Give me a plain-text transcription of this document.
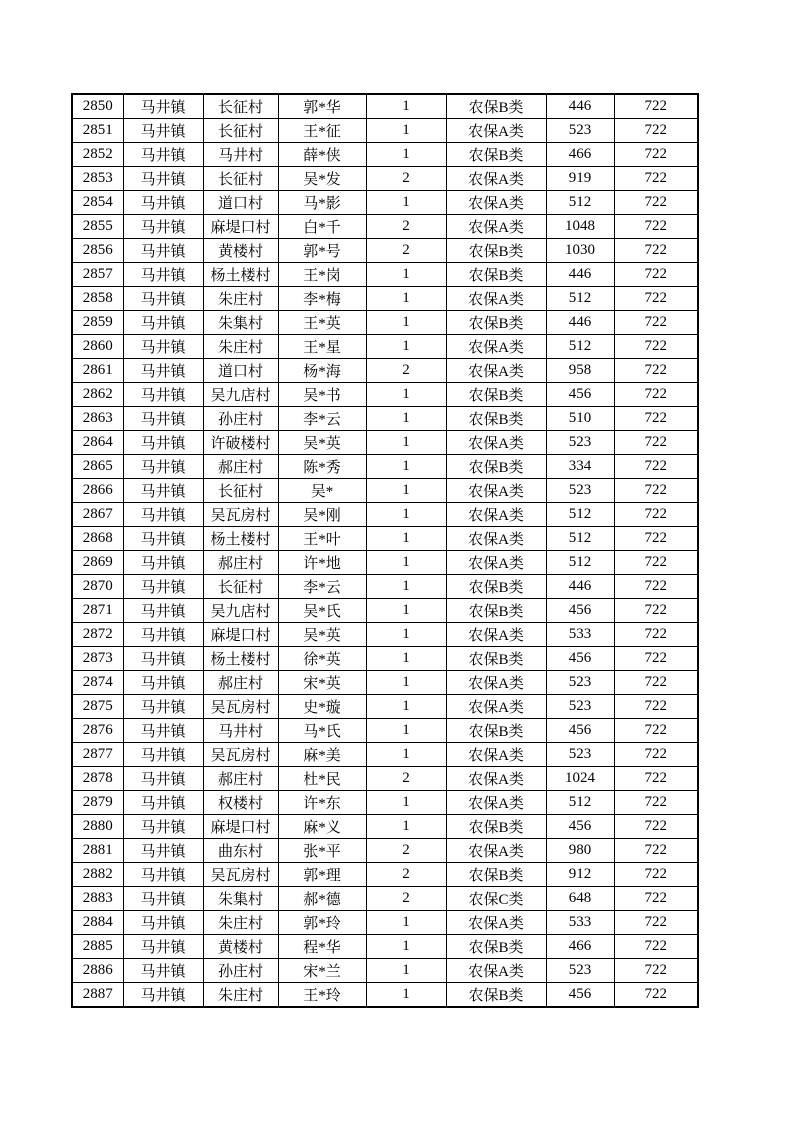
2850	马井镇	长征村	郭*华	1	农保B类	446	722
2851	马井镇	长征村	王*征	1	农保A类	523	722
2852	马井镇	马井村	薛*侠	1	农保B类	466	722
2853	马井镇	长征村	吴*发	2	农保A类	919	722
2854	马井镇	道口村	马*影	1	农保A类	512	722
2855	马井镇	麻堤口村	白*千	2	农保A类	1048	722
2856	马井镇	黄楼村	郭*号	2	农保B类	1030	722
2857	马井镇	杨土楼村	王*岗	1	农保B类	446	722
2858	马井镇	朱庄村	李*梅	1	农保A类	512	722
2859	马井镇	朱集村	王*英	1	农保B类	446	722
2860	马井镇	朱庄村	王*星	1	农保A类	512	722
2861	马井镇	道口村	杨*海	2	农保A类	958	722
2862	马井镇	吴九店村	吴*书	1	农保B类	456	722
2863	马井镇	孙庄村	李*云	1	农保B类	510	722
2864	马井镇	许破楼村	吴*英	1	农保A类	523	722
2865	马井镇	郝庄村	陈*秀	1	农保B类	334	722
2866	马井镇	长征村	吴*	1	农保A类	523	722
2867	马井镇	吴瓦房村	吴*刚	1	农保A类	512	722
2868	马井镇	杨土楼村	王*叶	1	农保A类	512	722
2869	马井镇	郝庄村	许*地	1	农保A类	512	722
2870	马井镇	长征村	李*云	1	农保B类	446	722
2871	马井镇	吴九店村	吴*氏	1	农保B类	456	722
2872	马井镇	麻堤口村	吴*英	1	农保A类	533	722
2873	马井镇	杨土楼村	徐*英	1	农保B类	456	722
2874	马井镇	郝庄村	宋*英	1	农保A类	523	722
2875	马井镇	吴瓦房村	史*璇	1	农保A类	523	722
2876	马井镇	马井村	马*氏	1	农保B类	456	722
2877	马井镇	吴瓦房村	麻*美	1	农保A类	523	722
2878	马井镇	郝庄村	杜*民	2	农保A类	1024	722
2879	马井镇	权楼村	许*东	1	农保A类	512	722
2880	马井镇	麻堤口村	麻*义	1	农保B类	456	722
2881	马井镇	曲东村	张*平	2	农保A类	980	722
2882	马井镇	吴瓦房村	郭*理	2	农保B类	912	722
2883	马井镇	朱集村	郝*德	2	农保C类	648	722
2884	马井镇	朱庄村	郭*玲	1	农保A类	533	722
2885	马井镇	黄楼村	程*华	1	农保B类	466	722
2886	马井镇	孙庄村	宋*兰	1	农保A类	523	722
2887	马井镇	朱庄村	王*玲	1	农保B类	456	722
